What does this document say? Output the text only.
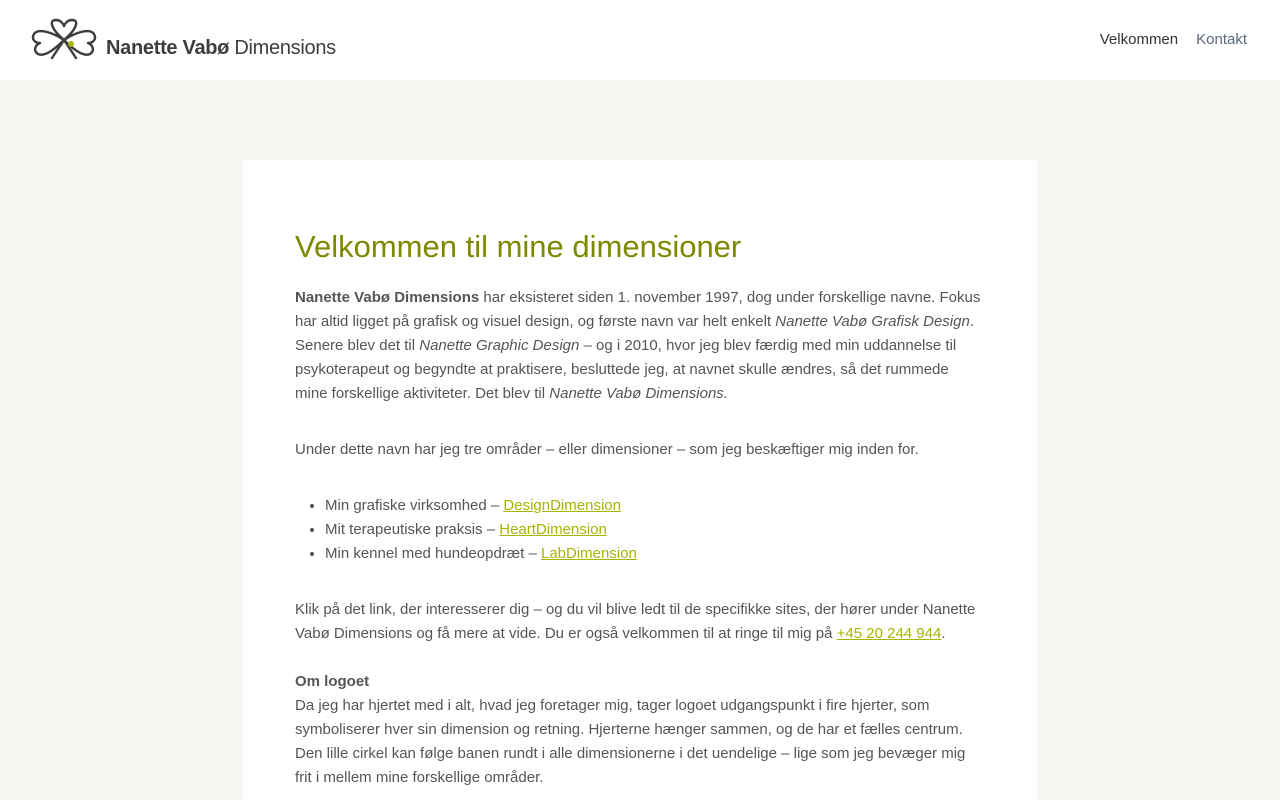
Nanette Vabø Dimensions	Velkommen Kontakt
Velkommen til mine dimensioner

Nanette Vabø Dimensions har eksisteret siden 1. november 1997, dog under forskellige navne. Fokus har altid ligget på grafisk og visuel design, og første navn var helt enkelt Nanette Vabø Grafisk Design. Senere blev det til Nanette Graphic Design – og i 2010, hvor jeg blev færdig med min uddannelse til psykoterapeut og begyndte at praktisere, besluttede jeg, at navnet skulle ændres, så det rummede mine forskellige aktiviteter. Det blev til Nanette Vabø Dimensions.

Under dette navn har jeg tre områder – eller dimensioner – som jeg beskæftiger mig inden for.

• Min grafiske virksomhed – DesignDimension
• Mit terapeutiske praksis – HeartDimension
• Min kennel med hundeopdræt – LabDimension

Klik på det link, der interesserer dig – og du vil blive ledt til de specifikke sites, der hører under Nanette Vabø Dimensions og få mere at vide. Du er også velkommen til at ringe til mig på +45 20 244 944.

Om logoet
Da jeg har hjertet med i alt, hvad jeg foretager mig, tager logoet udgangspunkt i fire hjerter, som symboliserer hver sin dimension og retning. Hjerterne hænger sammen, og de har et fælles centrum. Den lille cirkel kan følge banen rundt i alle dimensionerne i det uendelige – lige som jeg bevæger mig frit i mellem mine forskellige områder.
